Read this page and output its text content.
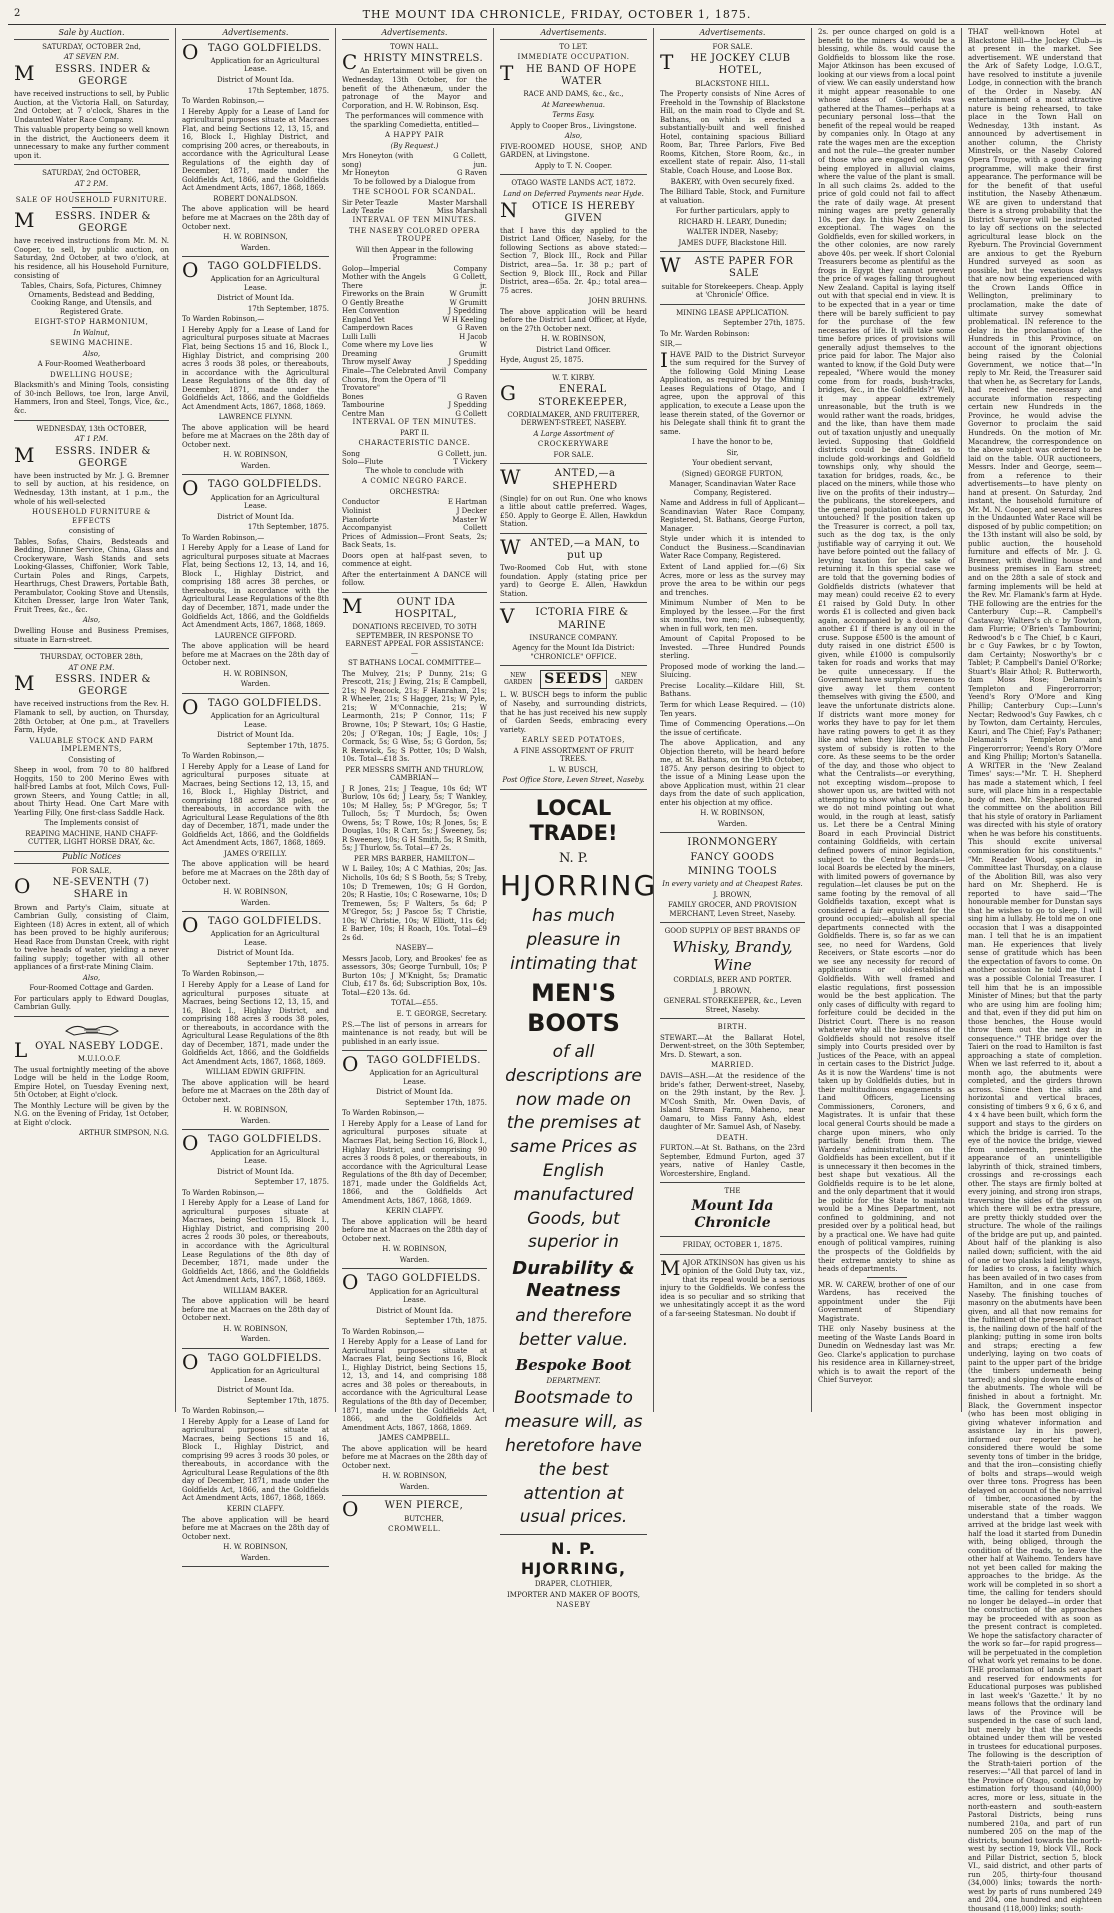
2	THE MOUNT IDA CHRONICLE, FRIDAY, OCTOBER 1, 1875.
Sale by Auction.

SATURDAY, OCTOBER 2nd,

AT SEVEN P.M.

M ESSRS. INDER & GEORGE

have received instructions to sell, by Public Auction, at the Victoria Hall, on Saturday, 2nd October, at 7 o'clock, Shares in the Undaunted Water Race Company.

This valuable property being so well known in the district, the Auctioneers deem it unnecessary to make any further comment upon it.

SATURDAY, 2nd OCTOBER,

AT 2 P.M.

SALE OF HOUSEHOLD FURNITURE.

M ESSRS. INDER & GEORGE

have received instructions from Mr. M. N. Cooper, to sell, by public auction, on Saturday, 2nd October, at two o'clock, at his residence, all his Household Furniture, consisting of

Tables, Chairs, Sofa, Pictures, Chimney Ornaments, Bedstead and Bedding, Cooking Range, and Utensils, and Registered Grate.

EIGHT-STOP HARMONIUM,

In Walnut,

SEWING MACHINE.

Also,

A Four-Roomed Weatherboard

DWELLING HOUSE;

Blacksmith's and Mining Tools, consisting of 30-inch Bellows, toe Iron, large Anvil, Hammers, Iron and Steel, Tongs, Vice, &c., &c.

WEDNESDAY, 13th OCTOBER,

AT 1 P.M.

M ESSRS. INDER & GEORGE

have been instructed by Mr. J. G. Bremner to sell by auction, at his residence, on Wednesday, 13th instant, at 1 p.m., the whole of his well-selected

HOUSEHOLD FURNITURE & EFFECTS

consisting of

Tables, Sofas, Chairs, Bedsteads and Bedding, Dinner Service, China, Glass and Crockeryware, Wash Stands and sets Looking-Glasses, Chiffonier, Work Table, Curtain Poles and Rings, Carpets, Hearthrugs, Chest Drawers, Portable Bath, Perambulator, Cooking Stove and Utensils, Kitchen Dresser, large Iron Water Tank, Fruit Trees, &c., &c.

Also,

Dwelling House and Business Premises, situate in Earn-street.

THURSDAY, OCTOBER 28th,

AT ONE P.M.

M ESSRS. INDER & GEORGE

have received instructions from the Rev. H. Flamank to sell, by auction, on Thursday, 28th October, at One p.m., at Travellers Farm, Hyde,

VALUABLE STOCK AND FARM IMPLEMENTS,

Consisting of

Sheep in wool, from 70 to 80 halfbred Hoggits, 150 to 200 Merino Ewes with half-bred Lambs at foot, Milch Cows, Full-grown Steers, and Young Cattle; in all, about Thirty Head. One Cart Mare with Yearling Filly, One first-class Saddle Hack.

The Implements consist of

REAPING MACHINE, HAND CHAFF-CUTTER, LIGHT HORSE DRAY, &c.

Public Notices

FOR SALE,

O NE-SEVENTH (7) SHARE in

Brown and Party's Claim, situate at Cambrian Gully, consisting of Claim, Eighteen (18) Acres in extent, all of which has been proved to be highly auriferous; Head Race from Dunstan Creek, with right to twelve heads of water, yielding a never failing supply; together with all other appliances of a first-rate Mining Claim.

Also,

Four-Roomed Cottage and Garden.

For particulars apply to Edward Douglas, Cambrian Gully.

LOYAL NASEBY LODGE.

M.U.I.O.O.F.

The usual fortnightly meeting of the above Lodge will be held in the Lodge Room, Empire Hotel, on Tuesday Evening next, 5th October, at Eight o'clock.

The Monthly Lecture will be given by the N.G. on the Evening of Friday, 1st October, at Eight o'clock.

ARTHUR SIMPSON, N.G.

Advertisements.

OTAGO GOLDFIELDS.

Application for an Agricultural Lease.

District of Mount Ida.

17th September, 1875.

To Warden Robinson,—

I Hereby Apply for a Lease of Land for agricultural purposes situate at Macraes Flat, and being Sections 12, 13, 15, and 16, Block I., Highlay District, and comprising 200 acres, or thereabouts, in accordance with the Agricultural Lease Regulations of the eighth day of December, 1871, made under the Goldfields Act, 1866, and the Goldfields Act Amendment Acts, 1867, 1868, 1869.

ROBERT DONALDSON.

The above application will be heard before me at Macraes on the 28th day of October next.

H. W. ROBINSON,

Warden.

OTAGO GOLDFIELDS.

Application for an Agricultural Lease.

District of Mount Ida.

17th September, 1875.

To Warden Robinson,—

I Hereby Apply for a Lease of Land for agricultural purposes situate at Macraes Flat, being Sections 15 and 16, Block I., Highlay District, and comprising 200 acres 3 roods 38 poles, or thereabouts, in accordance with the Agricultural Lease Regulations of the 8th day of December, 1871, made under the Goldfields Act, 1866, and the Goldfields Act Amendment Acts, 1867, 1868, 1869.

LAWRENCE FLYNN.

The above application will be heard before me at Macraes on the 28th day of October next.

H. W. ROBINSON,

Warden.

OTAGO GOLDFIELDS.

Application for an Agricultural Lease.

District of Mount Ida.

17th September, 1875.

To Warden Robinson,—

I Hereby Apply for a Lease of Land for agricultural purposes situate at Macraes Flat, being Sections 12, 13, 14, and 16, Block I., Highlay District, and comprising 188 acres 38 perches, or thereabouts, in accordance with the Agricultural Lease Regulations of the 8th day of December, 1871, made under the Goldfields Act, 1866, and the Goldfields Act Amendment Acts, 1867, 1868, 1869.

LAURENCE GIFFORD.

The above application will be heard before me at Macraes on the 28th day of October next.

H. W. ROBINSON,

Warden.

OTAGO GOLDFIELDS.

Application for an Agricultural Lease.

District of Mount Ida.

September 17th, 1875.

To Warden Robinson,—

I Hereby Apply for a Lease of Land for agricultural purposes situate at Macraes, being Sections 12, 13, 15, and 16, Block I., Highlay District, and comprising 188 acres 38 poles, or thereabouts, in accordance with the Agricultural Lease Regulations of the 8th day of December, 1871, made under the Goldfields Act, 1866, and the Goldfields Act Amendment Acts, 1867, 1868, 1869.

JAMES O'REILLY.

The above application will be heard before me at Macraes on the 28th day of October next.

H. W. ROBINSON,

Warden.

OTAGO GOLDFIELDS.

Application for an Agricultural Lease.

District of Mount Ida.

September 17th, 1875.

To Warden Robinson,—

I Hereby Apply for a Lease of Land for agricultural purposes situate at Macraes, being Sections 12, 13, 15, and 16, Block I., Highlay District, and comprising 188 acres 3 roods 38 poles, or thereabouts, in accordance with the Agricultural Lease Regulations of the 8th day of December, 1871, made under the Goldfields Act, 1866, and the Goldfields Act Amendment Acts, 1867, 1868, 1869.

WILLIAM EDWIN GRIFFIN.

The above application will be heard before me at Macraes on the 28th day of October next.

H. W. ROBINSON,

Warden.

OTAGO GOLDFIELDS.

Application for an Agricultural Lease.

District of Mount Ida.

September 17, 1875.

To Warden Robinson,—

I Hereby Apply for a Lease of Land for agricultural purposes situate at Macraes, being Section 15, Block I., Highlay District, and comprising 200 acres 2 roods 30 poles, or thereabouts, in accordance with the Agricultural Lease Regulations of the 8th day of December, 1871, made under the Goldfields Act, 1866, and the Goldfields Act Amendment Acts, 1867, 1868, 1869.

WILLIAM BAKER.

The above application will be heard before me at Macraes on the 28th day of October next.

H. W. ROBINSON,

Warden.

OTAGO GOLDFIELDS.

Application for an Agricultural Lease.

District of Mount Ida.

September 17th, 1875.

To Warden Robinson,—

I Hereby Apply for a Lease of Land for agricultural purposes situate at Macraes, being Sections 15 and 16, Block I., Highlay District, and comprising 99 acres 3 roods 30 poles, or thereabouts, in accordance with the Agricultural Lease Regulations of the 8th day of December, 1871, made under the Goldfields Act, 1866, and the Goldfields Act Amendment Acts, 1867, 1868, 1869.

KERIN CLAFFY.

The above application will be heard before me at Macraes on the 28th day of October next.

H. W. ROBINSON,

Warden.

Advertisements.

TOWN HALL.

CHRISTY MINSTRELS.

An Entertainment will be given on Wednesday, 13th October, for the benefit of the Athenæum, under the patronage of the Mayor and Corporation, and H. W. Robinson, Esq.

The performances will commence with the sparkling Comedietta, entitled—

A HAPPY PAIR

(By Request.)

Mrs Honeyton (with song)
G Collett, jun.
Mr Honeyton	G Raven

To be followed by a Dialogue from

THE SCHOOL FOR SCANDAL.

Sir Peter Teazle	Master Marshall
Lady Teazle	Miss Marshall

INTERVAL OF TEN MINUTES.

THE NASEBY COLORED OPERA TROUPE

Will then Appear in the following Programme:

Golop—Imperial	Company
Mother with the Angels There
G Collett, jr.
Fireworks on the Brain	W Grumitt
O Gently Breathe	W Grumitt
Hen Convention	J Spedding
England Yet	W H Keeling
Camperdown Races	G Raven
Lulli Lulli	H Jacob
Come where my Love lies Dreaming
W Grumitt
Throw myself Away	J Spedding
Finale—The Celebrated Anvil Chorus, from the Opera of "Il Trovatore"
Company
Bones	G Raven
Tambourine	J Spedding
Centre Man	G Collett

INTERVAL OF TEN MINUTES.

PART II.

CHARACTERISTIC DANCE.

Song	G Collett, jun.
Solo—Flute	T Vickery

The whole to conclude with

A COMIC NEGRO FARCE.

ORCHESTRA:

Conductor	E Hartman
Violinist	J Decker
Pianoforte Accompanyist
Master W Collett

Prices of Admission—Front Seats, 2s; Back Seats, 1s.

Doors open at half-past seven, to commence at eight.

After the entertainment A DANCE will follow.

M	OUNT IDA HOSPITAL,

DONATIONS RECEIVED, TO 30TH SEPTEMBER, IN RESPONSE TO EARNEST APPEAL FOR ASSISTANCE:—

ST BATHANS LOCAL COMMITTEE—

The Mulvey, 21s; P Dunny, 21s; G Prescott, 21s; J Ewing, 21s; E Campbell, 21s; N Peacock, 21s; F Hanrahan, 21s; R Wheeler, 21s; S Hagger, 21s; W Pyle, 21s; W M'Connachie, 21s; W Learmonth, 21s; P Connor, 11s; F Browne, 10s; P Stewart, 10s; G Hastie, 20s; J O'Regan, 10s; J Eagle, 10s; J Cormack, 5s; G Wise, 5s; G Gordon, 5s; R Renwick, 5s; S Potter, 10s; D Walsh, 10s. Total—£18 3s.

PER MESSRS SMITH AND THURLOW, CAMBRIAN—

J R Jones, 21s; J Teague, 10s 6d; WT Burlow, 10s 6d; J Leary, 5s; T Wankley, 10s; M Halley, 5s; P M'Gregor, 5s; T Tulloch, 5s; T Murdoch, 5s; Owen Owens, 5s; T Rowe, 10s; R Jones, 5s; E Douglas, 10s; R Carr, 5s; J Sweeney, 5s; R Sweeney, 10s; G H Smith, 5s; R Smith, 5s; J Thurlow, 5s. Total—£7 2s.

PER MRS BARBER, HAMILTON—

W L Bailey, 10s; A C Mathias, 20s; Jas. Nicholls, 10s 6d; S S Booth, 5s; S Treby, 10s; D Tremewen, 10s; G H Gordon, 20s; R Hastie, 10s; C Rosewarne, 10s; D Tremewen, 5s; F Walters, 5s 6d; P M'Gregor, 5s; J Pascoe 5s; T Christie, 10s; W Christie, 10s; W Elliott, 11s 6d; E Barber, 10s; H Roach, 10s. Total—£9 2s 6d.

NASEBY—

Messrs Jacob, Lory, and Brookes' fee as assessors, 30s; George Turnbull, 10s; P Burton 10s; J M'Knight, 5s; Dramatic Club, £17 8s. 6d; Subscription Box, 10s. Total—£20 13s. 6d.

TOTAL—£55.

E. T. GEORGE, Secretary.

P.S.—The list of persons in arrears for maintenance is not ready, but will be published in an early issue.

OTAGO GOLDFIELDS.

Application for an Agricultural Lease.

District of Mount Ida.

September 17th, 1875.

To Warden Robinson,—

I Hereby Apply for a Lease of Land for agricultural purposes situate at Macraes Flat, being Section 16, Block I., Highlay District, and comprising 90 acres 3 roods 8 poles, or thereabouts, in accordance with the Agricultural Lease Regulations of the 8th day of December, 1871, made under the Goldfields Act, 1866, and the Goldfields Act Amendment Acts, 1867, 1868, 1869.

KERIN CLAFFY.

The above application will be heard before me at Macraes on the 28th day of October next.

H. W. ROBINSON,

Warden.

OTAGO GOLDFIELDS.

Application for an Agricultural Lease.

District of Mount Ida.

September 17th, 1875.

To Warden Robinson,—

I Hereby Apply for a Lease of Land for Agricultural purposes situate at Macraes Flat, being Sections 16, Block I., Highlay District, being Sections 15, 12, 13, and 14, and comprising 188 acres and 38 poles or thereabouts, in accordance with the Agricultural Lease Regulations of the 8th day of December, 1871, made under the Goldfields Act, 1866, and the Goldfields Act Amendment Acts, 1867, 1868, 1869.

JAMES CAMPBELL.

The above application will be heard before me at Macraes on the 28th day of October next.

H. W. ROBINSON,

Warden.

O	WEN PIERCE,

BUTCHER,

CROMWELL.

Advertisements.

TO LET.

IMMEDIATE OCCUPATION.

T HE BAND OF HOPE WATER

RACE AND DAMS, &c., &c.,

At Mareewhenua.

Terms Easy.

Apply to Cooper Bros., Livingstone.

Also,

FIVE-ROOMED HOUSE, SHOP, AND GARDEN, at Livingstone.

Apply to T. N. Cooper.

OTAGO WASTE LANDS ACT, 1872.

Land on Deferred Payments near Hyde.

N OTICE IS HEREBY GIVEN

that I have this day applied to the District Land Officer, Naseby, for the following Sections as above stated:—Section 7, Block III., Rock and Pillar District, area—5a. 1r. 38 p.; part of Section 9, Block III., Rock and Pillar District, area—65a. 2r. 4p.; total area—75 acres.

JOHN BRUHNS.

The above application will be heard before the District Land Officer, at Hyde, on the 27th October next.

H. W. ROBINSON,

District Land Officer.

Hyde, August 25, 1875.

W. T. KIRBY.

G	ENERAL STOREKEEPER,

CORDIALMAKER, AND FRUITERER, DERWENT-STREET, NASEBY.

A Large Assortment of

CROCKERYWARE

FOR SALE.

W	ANTED,—a SHEPHERD

(Single) for on out Run. One who knows a little about cattle preferred. Wages, £50. Apply to George E. Allen, Hawkdun Station.

WANTED,—a MAN, to put up

Two-Roomed Cob Hut, with stone foundation. Apply (stating price per yard) to George E. Allen, Hawkdun Station.

V ICTORIA FIRE & MARINE

INSURANCE COMPANY.

Agency for the Mount Ida District: "CHRONICLE" OFFICE.

NEW GARDEN SEEDS	NEW GARDEN

L. W. BUSCH begs to inform the public of Naseby, and surrounding districts, that he has just received his new supply of Garden Seeds, embracing every variety.

EARLY SEED POTATOES,

A FINE ASSORTMENT OF FRUIT TREES.

L. W. BUSCH,

Post Office Store, Leven Street, Naseby.

LOCAL TRADE!

N. P.

HJORRING
has much pleasure in intimating that
MEN'S BOOTS
of all descriptions are now made on the premises at same Prices as English manufactured Goods, but superior in
Durability & Neatness
and therefore better value.
Bespoke Boot

DEPARTMENT.

Bootsmade to measure will, as heretofore have the best attention at usual prices.
N. P. HJORRING,

DRAPER, CLOTHIER,

IMPORTER AND MAKER OF BOOTS,

NASEBY

Advertisements.

FOR SALE.

T HE JOCKEY CLUB HOTEL,

BLACKSTONE HILL.

The Property consists of Nine Acres of Freehold in the Township of Blackstone Hill, on the main road to Clyde and St. Bathans, on which is erected a substantially-built and well finished Hotel, containing spacious Billiard Room, Bar, Three Parlors, Five Bed Rooms, Kitchen, Store Room, &c., in excellent state of repair. Also, 11-stall Stable, Coach House, and Loose Box.

BAKERY, with Oven securely fixed.

The Billiard Table, Stock, and Furniture at valuation.

For further particulars, apply to

RICHARD H. LEARY, Dunedin;

WALTER INDER, Naseby;

JAMES DUFF, Blackstone Hill.

W ASTE PAPER FOR SALE

suitable for Storekeepers. Cheap. Apply at 'Chronicle' Office.

MINING LEASE APPLICATION.

September 27th, 1875.

To Mr. Warden Robinson:

SIR,—

IHAVE PAID to the District Surveyor the sum required for the Survey of the following Gold Mining Lease Application, as required by the Mining Leases Regulations of Otago, and I agree, upon the approval of this application, to execute a Lease upon the lease therein stated, of the Governor or his Delegate shall think fit to grant the same.

I have the honor to be,

Sir,

Your obedient servant,

(Signed) GEORGE FURTON,

Manager, Scandinavian Water Race Company, Registered.

Name and Address in full of Applicant—Scandinavian Water Race Company, Registered, St. Bathans, George Furton, Manager.

Style under which it is intended to Conduct the Business.—Scandinavian Water Race Company, Registered.

Extent of Land applied for.—(6) Six Acres, more or less as the survey may prove the area to be within our pegs and trenches.

Minimum Number of Men to be Employed by the lessee.—For the first six months, two men; (2) subsequently, when in full work, ten men.

Amount of Capital Proposed to be Invested. —Three Hundred Pounds sterling.

Proposed mode of working the land.— Sluicing.

Precise Locality.—Kildare Hill, St. Bathans.

Term for which Lease Required. — (10) Ten years.

Time of Commencing Operations.—On the issue of certificate.

The above Application, and any Objection thereto, will be heard before me, at St. Bathans, on the 19th October, 1875. Any person desiring to object to the issue of a Mining Lease upon the above Application must, within 21 clear days from the date of such application, enter his objection at my office.

H. W. ROBINSON,

Warden.

IRONMONGERY

FANCY GOODS

MINING TOOLS

In every variety and at Cheapest Rates.

J. BROWN,

FAMILY GROCER, AND PROVISION MERCHANT, Leven Street, Naseby.

GOOD SUPPLY OF BEST BRANDS OF

Whisky, Brandy, Wine

CORDIALS, BEER AND PORTER.

J. BROWN,

GENERAL STOREKEEPER, &c., Leven Street, Naseby.

BIRTH.

STEWART.—At the Ballarat Hotel, Derwent-street, on the 30th September, Mrs. D. Stewart, a son.

MARRIED.

DAVIS—ASH.—At the residence of the bride's father, Derwent-street, Naseby, on the 29th instant, by the Rev. J. M'Cosh Smith, Mr. Owen Davis, of Island Stream Farm, Maheno, near Oamaru, to Miss Fanny Ash, eldest daughter of Mr. Samuel Ash, of Naseby.

DEATH.

FURTON.—At St. Bathans, on the 23rd September, Edmund Furton, aged 37 years, native of Hanley Castle, Worcestershire, England.

THE

Mount Ida Chronicle

FRIDAY, OCTOBER 1, 1875.

MAJOR ATKINSON has given us his opinion of the Gold Duty tax, viz., that its repeal would be a serious injury to the Goldfields. We confess the idea is so peculiar and so striking that we unhesitatingly accept it as the word of a far-seeing Statesman. No doubt if

2s. per ounce charged on gold is a benefit to the miners 4s. would be a blessing, while 8s. would cause the Goldfields to blossom like the rose. Major Atkinson has been excused of looking at our views from a local point of view. We can easily understand how it might appear reasonable to one whose ideas of Goldfields was gathered at the Thames—perhaps at a pecuniary personal loss—that the benefit of the repeal would be reaped by companies only. In Otago at any rate the wages men are the exception and not the rule—the greater number of those who are engaged on wages being employed in alluvial claims, where the value of the plant is small. In all such claims 2s. added to the price of gold could not fail to affect the rate of daily wage. At present mining wages are pretty generally 10s. per day. In this New Zealand is exceptional. The wages on the Goldfields, even for skilled workers, in the other colonies, are now rarely above 40s. per week. If short Colonial Treasurers become as plentiful as the frogs in Egypt they cannot prevent the price of wages falling throughout New Zealand. Capital is laying itself out with that special end in view. It is to be expected that in a year or time there will be barely sufficient to pay for the purchase of the few necessaries of life. It will take some time before prices of provisions will generally adjust themselves to the price paid for labor. The Major also wanted to know, if the Gold Duty were repealed, "Where would the money come from for roads, bush-tracks, bridges, &c., in the Goldfields?" Well, it may appear extremely unreasonable, but the truth is we would rather want the roads, bridges, and the like, than have them made out of taxation unjustly and unequally levied. Supposing that Goldfield districts could be defined as to include gold-workings and Goldfield townships only, why should the taxation for bridges, roads, &c., be placed on the miners, while those who live on the profits of their industry—the publicans, the storekeepers, and the general population of traders, go untouched? If the position taken up the Treasurer is correct, a poll tax, such as the dog tax, is the only justifiable way of carrying it out. We have before pointed out the fallacy of levying taxation for the sake of returning it. In this special case we are told that the governing bodies of Goldfields districts (whatever that may mean) could receive £2 to every £1 raised by Gold Duty. In other words £1 is collected and given back again, accompanied by a douceur of another £1 if there is any oil in the cruse. Suppose £500 is the amount of duty raised in one district £500 is given, while £1000 is compulsorily taken for roads and works that may be quite unnecessary. If the Government have surplus revenues to give away let them content themselves with giving the £500, and leave the unfortunate districts alone. If districts want more money for works they have to pay for let them have rating powers to get it as they like and when they like. The whole system of subsidy is rotten to the core. As these seems to be the order of the day, and those who object to what the Centralists—or everything, not excepting wisdom—propose to shower upon us, are twitted with not attempting to show what can be done, we do not mind pointing out what would, in the rough at least, satisfy us. Let there be a Central Mining Board in each Provincial District containing Goldfields, with certain defined powers of minor legislation, subject to the Central Boards—let local Boards be elected by the miners, with limited powers of governance by regulation—let clauses be put on the same footing by the removal of all Goldfields taxation, except what is considered a fair equivalent for the ground occupied;—abolish all special departments connected with the Goldfields. There is, so far as we can see, no need for Wardens, Gold Receivers, or State escorts —nor do we see any necessity for record of applications or old-established Goldfields. With well framed and elastic regulations, first possession would be the best application. The only cases of difficulty with regard to forfeiture could be decided in the District Court. There is no reason whatever why all the business of the Goldfields should not resolve itself simply into Courts presided over by Justices of the Peace, with an appeal in certain cases to the District Judge. As it is now the Wardens' time is not taken up by Goldfields duties, but in their multitudinous engagements as Land Officers, Licensing Commissioners, Coroners, and Magistrates. It is unfair that these local general Courts should be made a charge upon miners, who only partially benefit from them. The Wardens' administration on the Goldfields has been excellent, but if it is unnecessary it then becomes in the best shape but vexatious. All the Goldfields require is to be let alone, and the only department that it would be politic for the State to maintain would be a Mines Department, not confined to goldmining, and not presided over by a political head, but by a practical one. We have had quite enough of political vampires, ruining the prospects of the Goldfields by their extreme anxiety to shine as heads of departments.

MR. W. CAREW, brother of one of our Wardens, has received the appointment under the Fiji Government of Stipendiary Magistrate.

THE only Naseby business at the meeting of the Waste Lands Board in Dunedin on Wednesday last was Mr. Geo. Clarke's application to purchase his residence area in Killarney-street, which is to await the report of the Chief Surveyor.

THAT well-known Hotel at Blackstone Hill—the Jockey Club—is at present in the market. See advertisement. WE understand that the Ark of Safety Lodge, I.O.G.T., have resolved to institute a juvenile Lodge, in connection with the branch of the Order in Naseby. AN entertainment of a most attractive nature is being rehearsed, to take place in the Town Hall on Wednesday, 13th instant. As announced by advertisement in another column, the Christy Minstrels, or the Naseby Colored Opera Troupe, with a good drawing programme, will make their first appearance. The performance will be for the benefit of that useful institution, the Naseby Athenæum. WE are given to understand that there is a strong probability that the District Surveyor will be instructed to lay off sections on the selected agricultural lease block on the Ryeburn. The Provincial Government are anxious to get the Ryeburn Hundred surveyed as soon as possible, but the vexatious delays that are now being experienced with the Crown Lands Office in Wellington, preliminary to proclamation, make the date of ultimate survey somewhat problematical. IN reference to the delay in the proclamation of the Hundreds in this Province, on account of the ignorant objections being raised by the Colonial Government, we notice that—"In reply to Mr. Reid, the Treasurer said that when he, as Secretary for Lands, had received the necessary and accurate information respecting certain new Hundreds in the Province, he would advise the Governor to proclaim the said Hundreds. On the motion of Mr. Macandrew, the correspondence on the above subject was ordered to be laid on the table. OUR auctioneers, Messrs. Inder and George, seem—from a reference to their advertisements—to have plenty on hand at present. On Saturday, 2nd instant, the household furniture of Mr. M. N. Cooper, and several shares in the Undaunted Water Race will be disposed of by public competition; on the 13th instant will also be sold, by public auction, the household furniture and effects of Mr. J. G. Bremner, with dwelling house and business premises in Earn street; and on the 28th a sale of stock and farming implements will be held at the Rev. Mr. Flamank's farm at Hyde. THE following are the entries for the Canterbury Cup:—R. Campbell's Castaway; Walters's ch c by Towton, dam Flurrie; O'Brien's Tambourini; Redwood's b c The Chief, b c Kauri, br c Guy Fawkes, br c by Towton, dam Certainty; Nosworthy's br c Tablet; P. Campbell's Daniel O'Rorke; Stuart's Blair Athol; R. Butterworth, dam Moss Rose; Delamain's Templeton and Fingerorrorror; Yeend's Rory O'More and King Phillip; Canterbury Cup:—Lunn's Nectar; Redwood's Guy Fawkes, ch c by Towton, dam Certainty, Hercules, Kauri, and The Chief; Fay's Pathaner; Delamain's Templeton and Fingerorrorror; Yeend's Rory O'More and King Phillip; Morton's Satanella. A WRITER in the 'New Zealand Times' says:—"Mr. T. H. Shepherd has made a statement which, I feel sure, will place him in a respectable body of men. Mr. Shepherd assured the committee on the abolition Bill that his style of oratory in Parliament was directed with his style of oratory when he was before his constituents. This should excite universal commiseration for his constituents." "Mr. Reader Wood, speaking in Committee last Thursday, on a clause of the Abolition Bill, was also very hard on Mr. Shepherd. He is reported to have said—'The honourable member for Dunstan says that he wishes to go to sleep. I will sing him a lullaby. He told me on one occasion that I was a disappointed man. I tell that he is an impatient man. He experiences that lively sense of gratitude which has been the expectation of favors to come. On another occasion he told me that I was a possible Colonial Treasurer. I tell him that he is an impossible Minister of Mines; but that the party who are using him are fooling him; and that, even if they did put him on those benches, the House would throw them out the next day in consequence.'" THE bridge over the Taieri on the road to Hamilton is fast approaching a state of completion. When we last referred to it, about a month ago, the abutments were completed, and the girders thrown across. Since then the sills and horizontal and vertical braces, consisting of timbers 9 x 6, 6 x 6, and 4 x 4 have been built, which form the support and stays to the girders on which the bridge is carried. To the eye of the novice the bridge, viewed from underneath, presents the appearance of an unintelligible labyrinth of thick, strained timbers, crossings and re-crossings each other. The stays are firmly bolted at every joining, and strong iron straps, traversing the sides of the stays on which there will be extra pressure, are pretty thickly studded over the structure. The whole of the railings of the bridge are put up, and painted. About half of the planking is also nailed down; sufficient, with the aid of one or two planks laid lengthways, for ladies to cross, a facility which has been availed of in two cases from Hamilton, and in one case from Naseby. The finishing touches of masonry on the abutments have been given, and all that now remains for the fulfilment of the present contract is, the nailing down of the half of the planking; putting in some iron bolts and straps; erecting a few underlying, laying on two coats of paint to the upper part of the bridge (the timbers underneath being tarred); and sloping down the ends of the abutments. The whole will be finished in about a fortnight. Mr. Black, the Government inspector (who has been most obliging in giving whatever information and assistance lay in his power), informed our reporter that he considered there would be some seventy tons of timber in the bridge, and that the iron—consisting chiefly of bolts and straps—would weigh over three tons. Progress has been delayed on account of the non-arrival of timber, occasioned by the miserable state of the roads. We understand that a timber waggon arrived at the bridge last week with half the load it started from Dunedin with, being obliged, through the condition of the roads, to leave the other half at Waihemo. Tenders have not yet been called for making the approaches to the bridge. As the work will be completed in so short a time, the calling for tenders should no longer be delayed—in order that the construction of the approaches may be proceeded with as soon as the present contract is completed. We hope the satisfactory character of the work so far—for rapid progress—will be perpetuated in the completion of what work yet remains to be done. THE proclamation of lands set apart and reserved for endowments for Educational purposes was published in last week's 'Gazette.' It by no means follows that the ordinary land laws of the Province will be suspended in the case of such land, but merely by that the proceeds obtained under them will be vested in trustees for educational purposes. The following is the description of the Strath-taieri portion of the reserves:—"All that parcel of land in the Province of Otago, containing by estimation forty thousand (40,000) acres, more or less, situate in the north-eastern and south-eastern Pastoral Districts, being runs numbered 210a, and part of run numbered 205 on the map of the districts, bounded towards the north-west by section 19, block VII., Rock and Pillar District, section 5, block VI., said district, and other parts of run 205, thirty-four thousand (34,000) links; towards the north-west by parts of runs numbered 249 and 204, one hundred and eighteen thousand (118,000) links; south-
